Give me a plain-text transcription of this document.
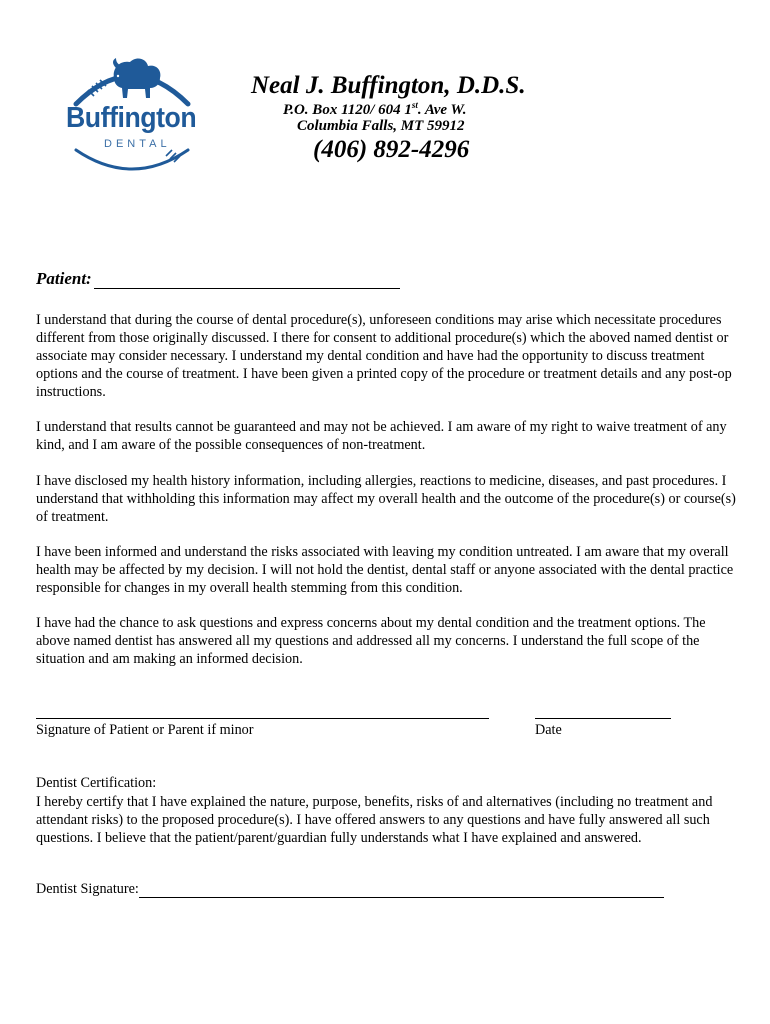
Buffington
DENTAL
Neal J. Buffington, D.D.S.
P.O. Box 1120/ 604 1st. Ave W.
Columbia Falls, MT 59912
(406) 892-4296
Patient:

I understand that during the course of dental procedure(s), unforeseen conditions may arise which necessitate procedures different from those originally discussed. I there for consent to additional procedure(s) which the aboved named dentist or associate may consider necessary. I understand my dental condition and have had the opportunity to discuss treatment options and the course of treatment. I have been given a printed copy of the procedure or treatment details and any post-op instructions.

I understand that results cannot be guaranteed and may not be achieved. I am aware of my right to waive treatment of any kind, and I am aware of the possible consequences of non-treatment.

I have disclosed my health history information, including allergies, reactions to medicine, diseases, and past procedures. I understand that withholding this information may affect my overall health and the outcome of the procedure(s) or course(s) of treatment.

I have been informed and understand the risks associated with leaving my condition untreated. I am aware that my overall health may be affected by my decision. I will not hold the dentist, dental staff or anyone associated with the dental practice responsible for changes in my overall health stemming from this condition.

I have had the chance to ask questions and express concerns about my dental condition and the treatment options. The above named dentist has answered all my questions and addressed all my concerns. I understand the full scope of the situation and am making an informed decision.

Signature of Patient or Parent if minor	Date
Dentist Certification:

I hereby certify that I have explained the nature, purpose, benefits, risks of and alternatives (including no treatment and attendant risks) to the proposed procedure(s). I have offered answers to any questions and have fully answered all such questions. I believe that the patient/parent/guardian fully understands what I have explained and answered.

Dentist Signature:
